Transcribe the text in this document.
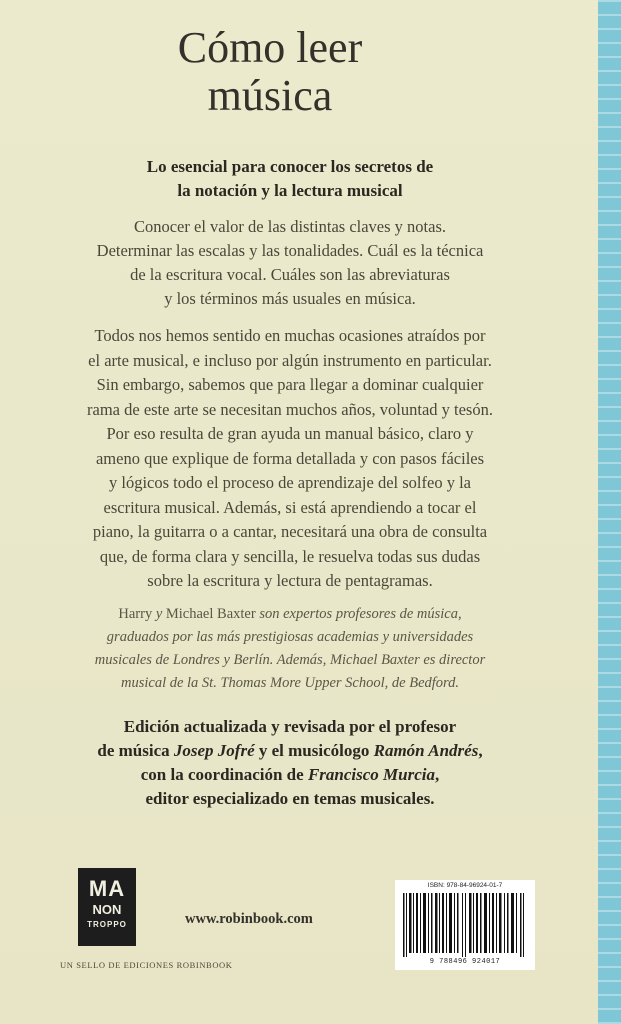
Cómo leer
música
Lo esencial para conocer los secretos de
la notación y la lectura musical
Conocer el valor de las distintas claves y notas.
Determinar las escalas y las tonalidades. Cuál es la técnica
de la escritura vocal. Cuáles son las abreviaturas
y los términos más usuales en música.
Todos nos hemos sentido en muchas ocasiones atraídos por
el arte musical, e incluso por algún instrumento en particular.
Sin embargo, sabemos que para llegar a dominar cualquier
rama de este arte se necesitan muchos años, voluntad y tesón.
Por eso resulta de gran ayuda un manual básico, claro y
ameno que explique de forma detallada y con pasos fáciles
y lógicos todo el proceso de aprendizaje del solfeo y la
escritura musical. Además, si está aprendiendo a tocar el
piano, la guitarra o a cantar, necesitará una obra de consulta
que, de forma clara y sencilla, le resuelva todas sus dudas
sobre la escritura y lectura de pentagramas.
Harry y Michael Baxter son expertos profesores de música,
graduados por las más prestigiosas academias y universidades
musicales de Londres y Berlín. Además, Michael Baxter es director
musical de la St. Thomas More Upper School, de Bedford.
Edición actualizada y revisada por el profesor
de música Josep Jofré y el musicólogo Ramón Andrés,
con la coordinación de Francisco Murcia,
editor especializado en temas musicales.
MA
NON
TROPPO	www.robinbook.com
UN SELLO DE EDICIONES ROBINBOOK
ISBN: 978-84-96924-01-7
9 788496 924017
